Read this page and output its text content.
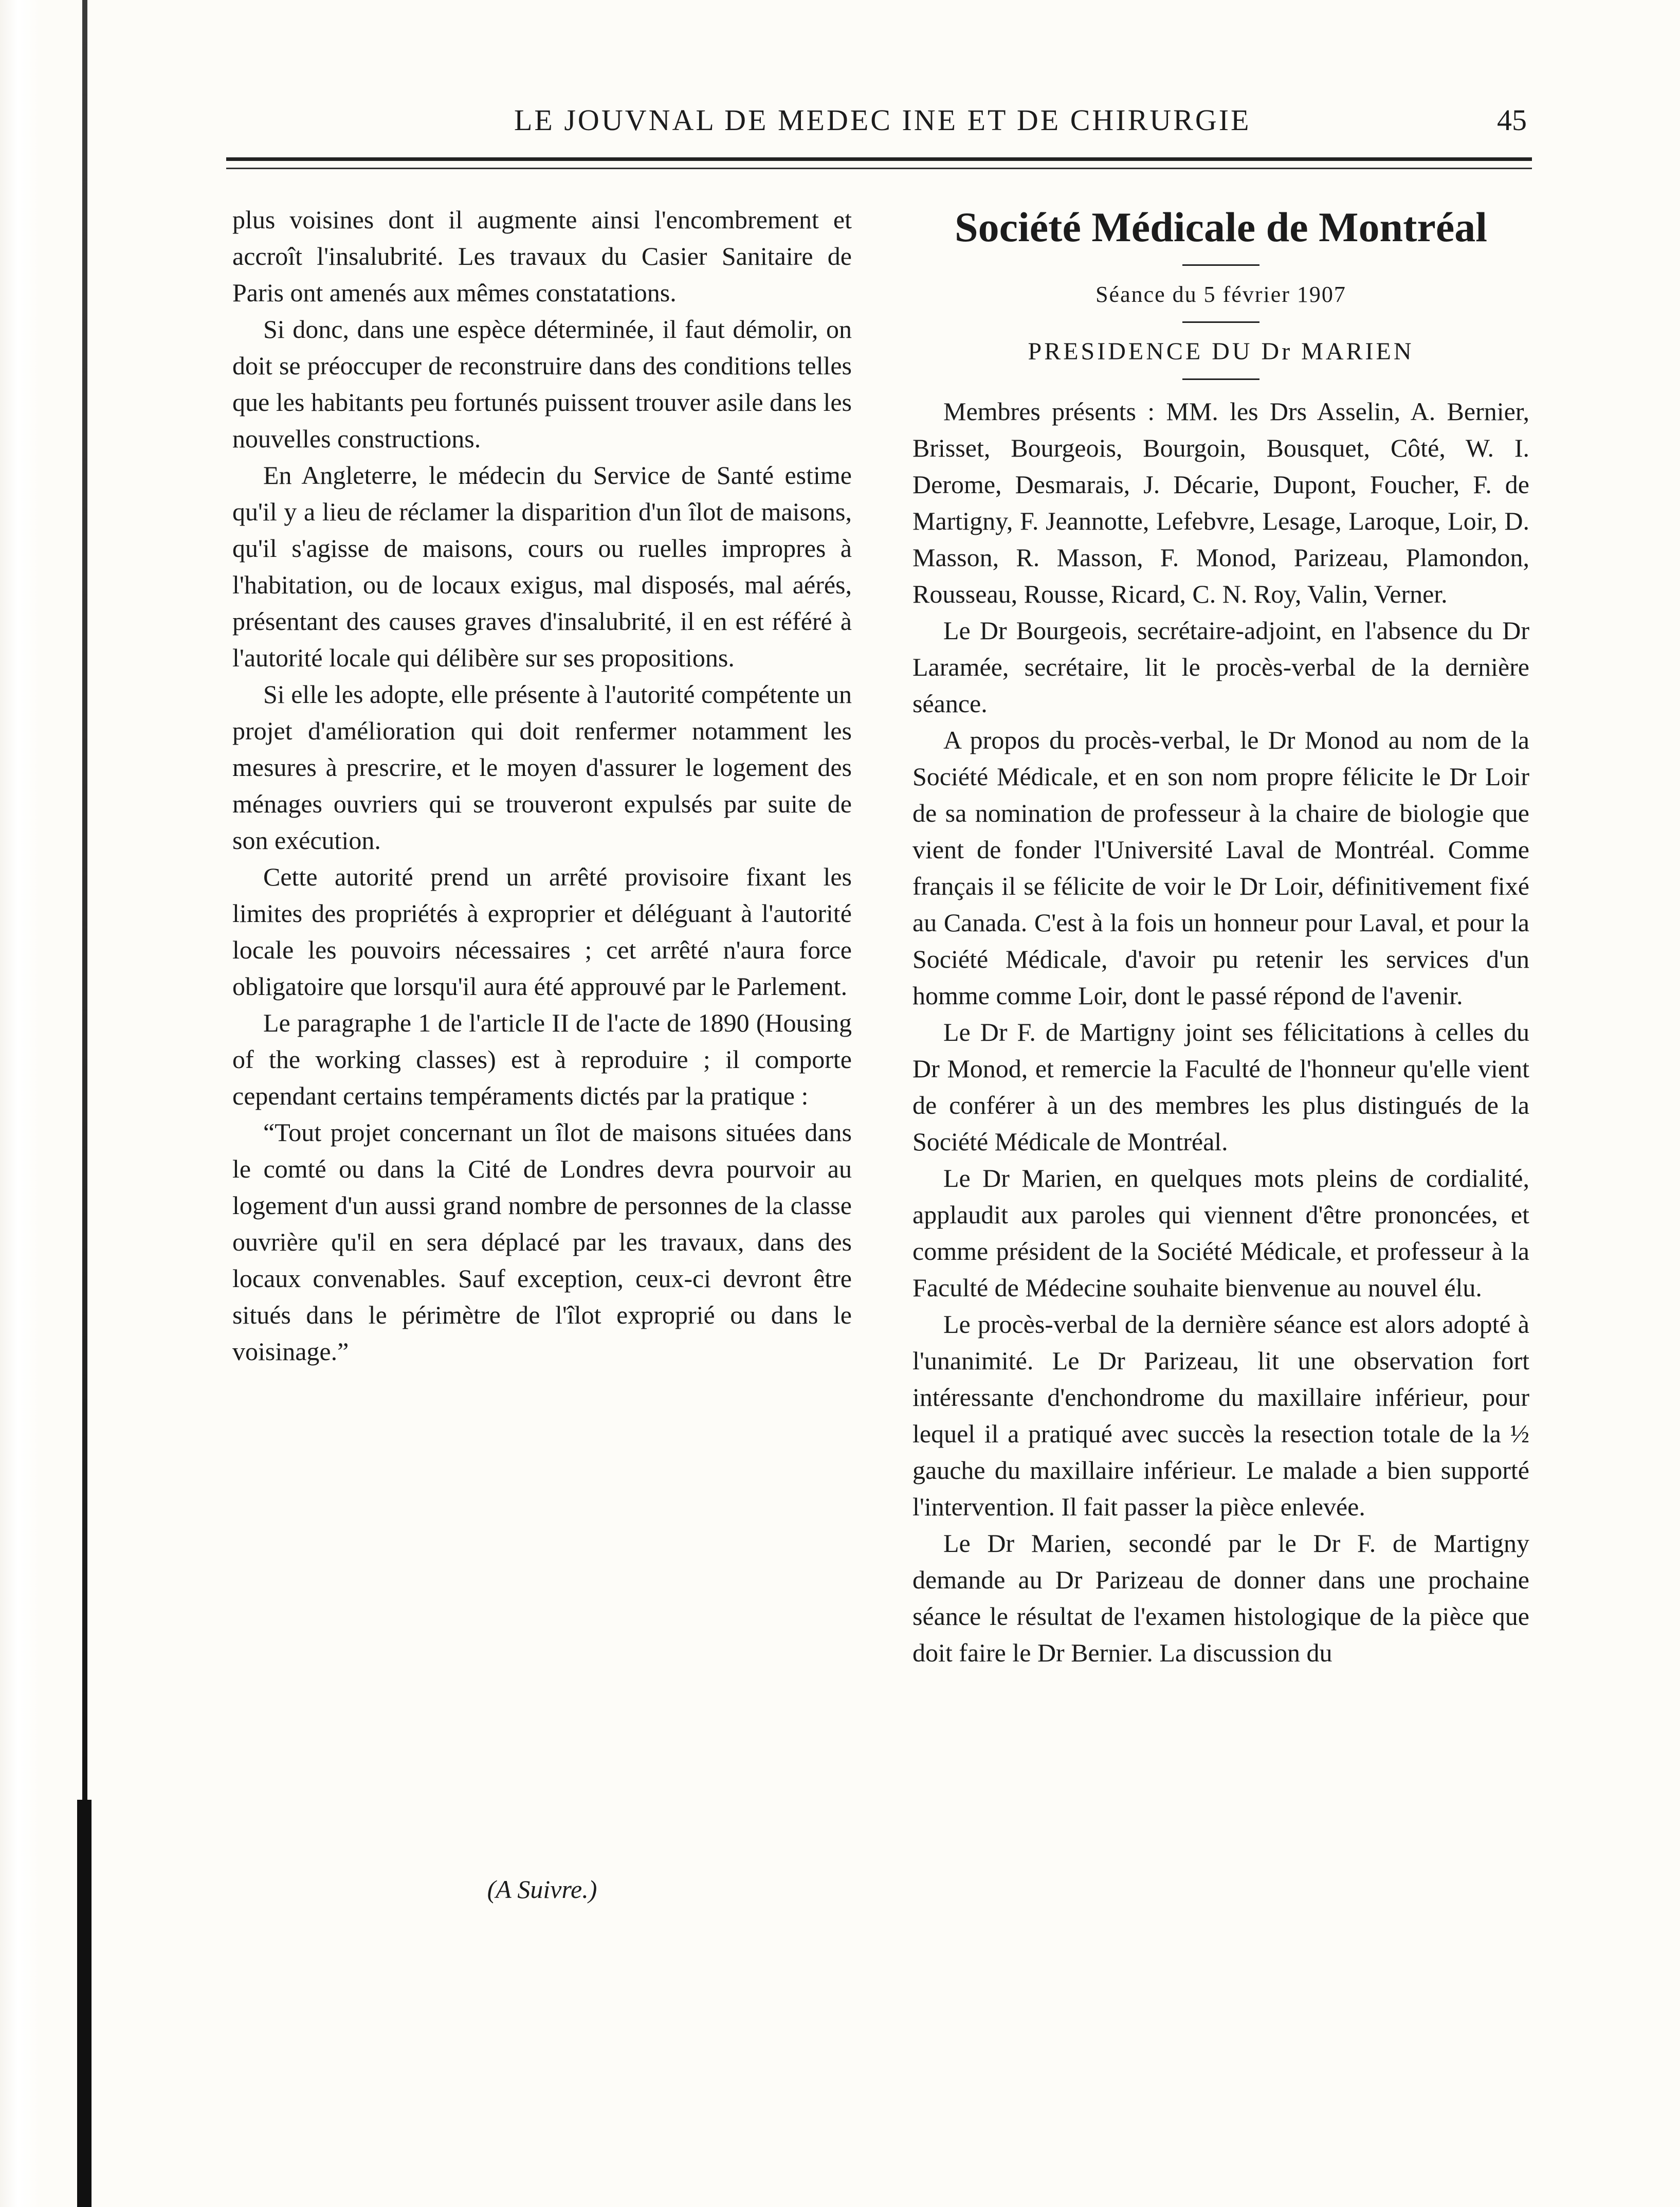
LE JOUVNAL DE MEDEC INE ET DE CHIRURGIE	45

plus voisines dont il augmente ainsi l'encombrement et accroît l'insalubrité. Les travaux du Casier Sanitaire de Paris ont amenés aux mêmes constatations.

Si donc, dans une espèce déterminée, il faut démolir, on doit se préoccuper de reconstruire dans des conditions telles que les habitants peu fortunés puissent trouver asile dans les nouvelles constructions.

En Angleterre, le médecin du Service de Santé estime qu'il y a lieu de réclamer la disparition d'un îlot de maisons, qu'il s'agisse de maisons, cours ou ruelles impropres à l'habitation, ou de locaux exigus, mal disposés, mal aérés, présentant des causes graves d'insalubrité, il en est référé à l'autorité locale qui délibère sur ses propositions.

Si elle les adopte, elle présente à l'autorité compétente un projet d'amélioration qui doit renfermer notamment les mesures à prescrire, et le moyen d'assurer le logement des ménages ouvriers qui se trouveront expulsés par suite de son exécution.

Cette autorité prend un arrêté provisoire fixant les limites des propriétés à exproprier et déléguant à l'autorité locale les pouvoirs nécessaires ; cet arrêté n'aura force obligatoire que lorsqu'il aura été approuvé par le Parlement.

Le paragraphe 1 de l'article II de l'acte de 1890 (Housing of the working classes) est à reproduire ; il comporte cependant certains tempéraments dictés par la pratique :

“Tout projet concernant un îlot de maisons situées dans le comté ou dans la Cité de Londres devra pourvoir au logement d'un aussi grand nombre de personnes de la classe ouvrière qu'il en sera déplacé par les travaux, dans des locaux convenables. Sauf exception, ceux-ci devront être situés dans le périmètre de l'îlot exproprié ou dans le voisinage.”

(A Suivre.)
Société Médicale de Montréal

Séance du 5 février 1907

PRESIDENCE DU Dr MARIEN

Membres présents : MM. les Drs Asselin, A. Bernier, Brisset, Bourgeois, Bourgoin, Bousquet, Côté, W. I. Derome, Desmarais, J. Décarie, Dupont, Foucher, F. de Martigny, F. Jeannotte, Lefebvre, Lesage, Laroque, Loir, D. Masson, R. Masson, F. Monod, Parizeau, Plamondon, Rousseau, Rousse, Ricard, C. N. Roy, Valin, Verner.

Le Dr Bourgeois, secrétaire-adjoint, en l'absence du Dr Laramée, secrétaire, lit le procès-verbal de la dernière séance.

A propos du procès-verbal, le Dr Monod au nom de la Société Médicale, et en son nom propre félicite le Dr Loir de sa nomination de professeur à la chaire de biologie que vient de fonder l'Université Laval de Montréal. Comme français il se félicite de voir le Dr Loir, définitivement fixé au Canada. C'est à la fois un honneur pour Laval, et pour la Société Médicale, d'avoir pu retenir les services d'un homme comme Loir, dont le passé répond de l'avenir.

Le Dr F. de Martigny joint ses félicitations à celles du Dr Monod, et remercie la Faculté de l'honneur qu'elle vient de conférer à un des membres les plus distingués de la Société Médicale de Montréal.

Le Dr Marien, en quelques mots pleins de cordialité, applaudit aux paroles qui viennent d'être prononcées, et comme président de la Société Médicale, et professeur à la Faculté de Médecine souhaite bienvenue au nouvel élu.

Le procès-verbal de la dernière séance est alors adopté à l'unanimité. Le Dr Parizeau, lit une observation fort intéressante d'enchondrome du maxillaire inférieur, pour lequel il a pratiqué avec succès la resection totale de la ½ gauche du maxillaire inférieur. Le malade a bien supporté l'intervention. Il fait passer la pièce enlevée.

Le Dr Marien, secondé par le Dr F. de Martigny demande au Dr Parizeau de donner dans une prochaine séance le résultat de l'examen histologique de la pièce que doit faire le Dr Bernier. La discussion du
